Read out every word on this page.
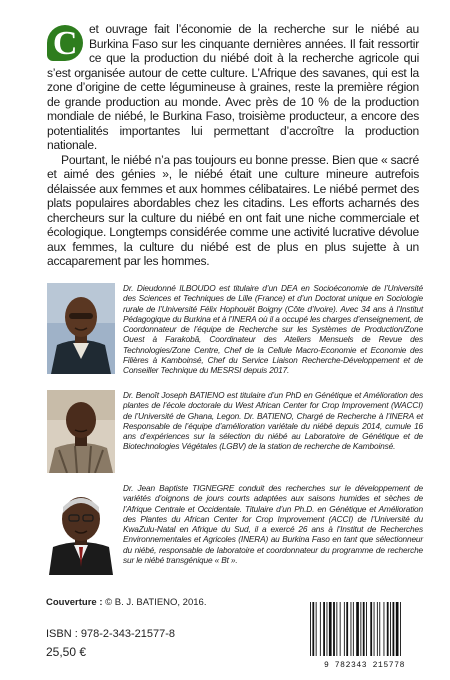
C et ouvrage fait l’économie de la recherche sur le niébé au Burkina Faso sur les cinquante dernières années. Il fait ressortir ce que la production du niébé doit à la recherche agricole qui s’est organisée autour de cette culture. L’Afrique des savanes, qui est la zone d’origine de cette légumineuse à graines, reste la première région de grande production au monde. Avec près de 10 % de la production mondiale de niébé, le Burkina Faso, troisième producteur, a encore des potentialités importantes lui permettant d’accroître la production nationale.

Pourtant, le niébé n’a pas toujours eu bonne presse. Bien que « sacré et aimé des génies », le niébé était une culture mineure autrefois délaissée aux femmes et aux hommes célibataires. Le niébé permet des plats populaires abordables chez les citadins. Les efforts acharnés des chercheurs sur la culture du niébé en ont fait une niche commerciale et écologique. Longtemps considérée comme une activité lucrative dévolue aux femmes, la culture du niébé est de plus en plus sujette à un accaparement par les hommes.

Dr. Dieudonné ILBOUDO est titulaire d’un DEA en Socioéconomie de l’Université des Sciences et Techniques de Lille (France) et d’un Doctorat unique en Sociologie rurale de l’Université Félix Hophouët Boigny (Côte d’Ivoire). Avec 34 ans à l’Institut Pédagogique du Burkina et à l’INERA où il a occupé les charges d’enseignement, de Coordonnateur de l’équipe de Recherche sur les Systèmes de Production/Zone Ouest à Farakobâ, Coordinateur des Ateliers Mensuels de Revue des Technologies/Zone Centre, Chef de la Cellule Macro-Economie et Economie des Filières à Kamboinsé, Chef du Service Liaison Recherche-Développement et de Conseiller Technique du MESRSI depuis 2017.
Dr. Benoît Joseph BATIENO est titulaire d’un PhD en Génétique et Amélioration des plantes de l’école doctorale du West African Center for Crop Improvement (WACCI) de l’Université de Ghana, Legon. Dr. BATIENO, Chargé de Recherche à l’INERA et Responsable de l’équipe d’amélioration variétale du niébé depuis 2014, cumule 16 ans d’expériences sur la sélection du niébé au Laboratoire de Génétique et de Biotechnologies Végétales (LGBV) de la station de recherche de Kamboinsé.
Dr. Jean Baptiste TIGNEGRE conduit des recherches sur le développement de variétés d’oignons de jours courts adaptées aux saisons humides et sèches de l’Afrique Centrale et Occidentale. Titulaire d’un Ph.D. en Génétique et Amélioration des Plantes du African Center for Crop Improvement (ACCI) de l’Université du KwaZulu-Natal en Afrique du Sud, il a exercé 26 ans à l’Institut de Recherches Environnementales et Agricoles (INERA) au Burkina Faso en tant que sélectionneur du niébé, responsable de laboratoire et coordonnateur du programme de recherche sur le niébé transgénique « Bt ».
Couverture : © B. J. BATIENO, 2016.
ISBN : 978-2-343-21577-8
25,50 €
9 782343 215778
